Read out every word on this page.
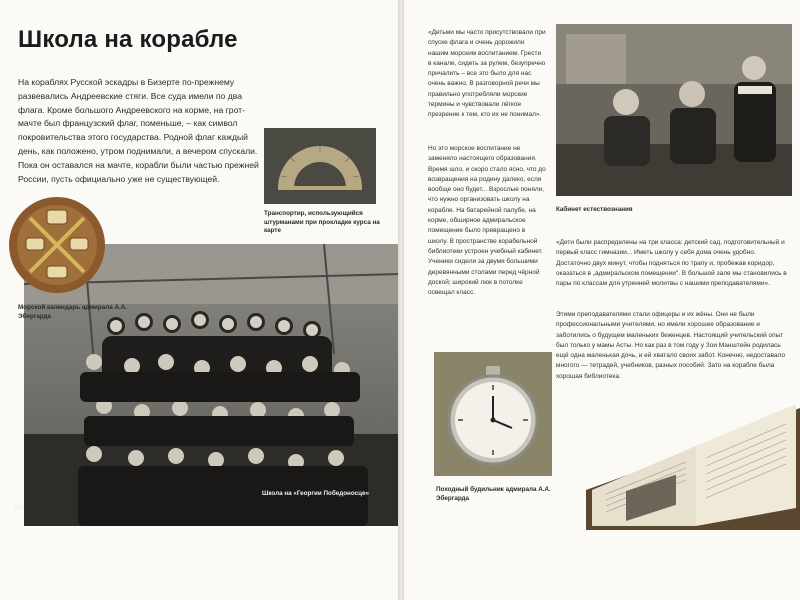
Школа на корабле
На кораблях Русской эскадры в Бизерте по-прежнему развевались Андреевские стяги. Все суда имели по два флага. Кроме большого Андреевского на корме, на грот-мачте был французский флаг, поменьше, – как символ покровительства этого государства. Родной флаг каждый день, как положено, утром поднимали, а вечером спускали. Пока он оставался на мачте, корабли были частью прежней России, пусть официально уже не существующей.
Транспортир, использующийся штурманами при прокладке курса на карте
Морской календарь адмирала А.А. Эбергарда
Школа на «Георгии Победоносце»
56
«Детьми мы часто присутствовали при спуске флага и очень дорожили нашим морским воспитанием. Грести в канале, сидеть за рулем, безупречно причалить – все это было для нас очень важно. В разговорной речи мы правильно употребляли морские термины и чувствовали лёгкое презрение к тем, кто их не понимал».
Но это морское воспитание не заменяло настоящего образования. Время шло, и скоро стало ясно, что до возвращения на родину далеко, если вообще оно будет... Взрослые поняли, что нужно организовать школу на корабле. На батарейной палубе, на корме, обширное адмиральское помещение было превращено в школу. В пространстве корабельной библиотеки устроен учебный кабинет. Ученики сидели за двумя большими деревянными столами перед чёрной доской; широкий люк в потолке освещал класс.
Кабинет естествознания
«Дети были распределены на три класса: детский сад, подготовительный и первый класс гимназии... Иметь школу у себя дома очень удобно. Достаточно двух минут, чтобы подняться по трапу и, пробежав коридор, оказаться в „адмиральском помещении". В большой зале мы становились в пары по классам для утренней молитвы с нашими преподавателями».
Этими преподавателями стали офицеры и их жёны. Они не были профессиональными учителями, но имели хорошее образование и заботились о будущем маленьких беженцев. Настоящий учительский опыт был только у мамы Асты. Но как раз в том году у Зои Манштейн родилась ещё одна маленькая дочь, и ей хватало своих забот. Конечно, недоставало многого — тетрадей, учебников, разных пособий. Зато на корабле была хорошая библиотека.
Походный будильник адмирала А.А. Эбергарда
